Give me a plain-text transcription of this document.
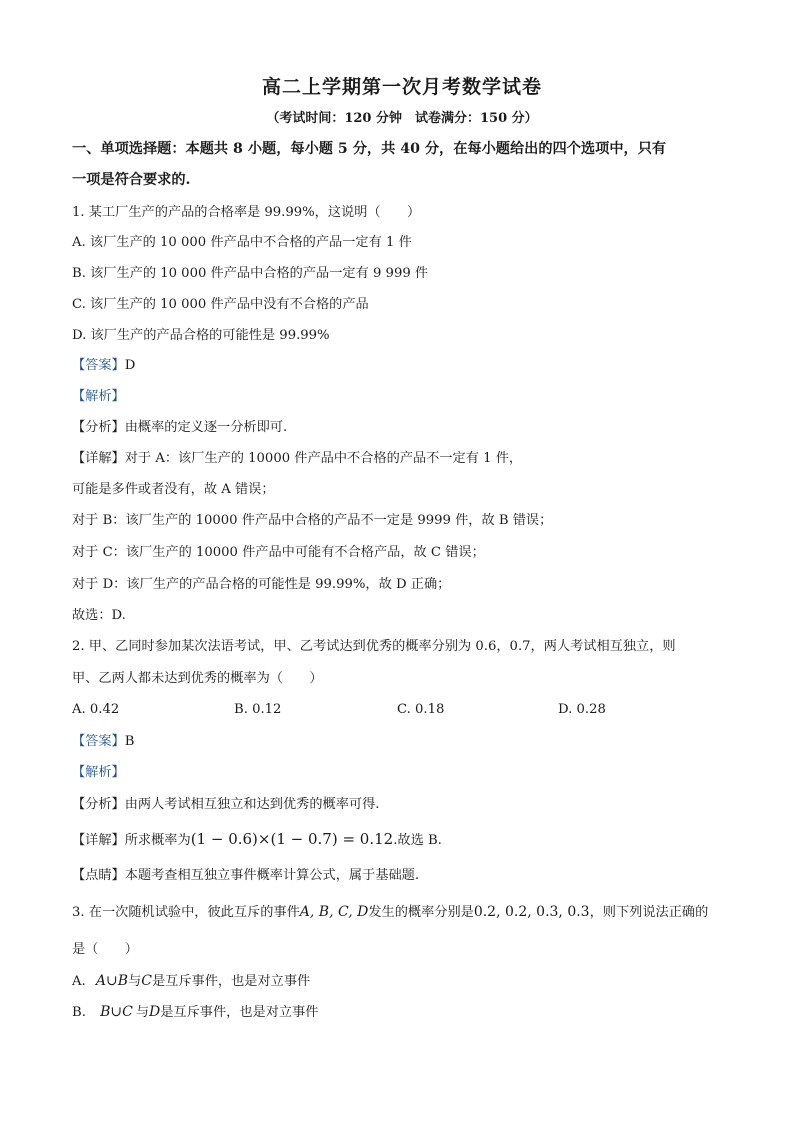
高二上学期第一次月考数学试卷
（考试时间：120 分钟　试卷满分：150 分）
一、单项选择题：本题共 8 小题，每小题 5 分，共 40 分，在每小题给出的四个选项中，只有
一项是符合要求的.
1. 某工厂生产的产品的合格率是 99.99%，这说明（　　）
A. 该厂生产的 10 000 件产品中不合格的产品一定有 1 件
B. 该厂生产的 10 000 件产品中合格的产品一定有 9 999 件
C. 该厂生产的 10 000 件产品中没有不合格的产品
D. 该厂生产的产品合格的可能性是 99.99%
【答案】D
【解析】
【分析】由概率的定义逐一分析即可.
【详解】对于 A：该厂生产的 10000 件产品中不合格的产品不一定有 1 件，
可能是多件或者没有，故 A 错误；
对于 B：该厂生产的 10000 件产品中合格的产品不一定是 9999 件，故 B 错误；
对于 C：该厂生产的 10000 件产品中可能有不合格产品，故 C 错误；
对于 D：该厂生产的产品合格的可能性是 99.99%，故 D 正确；
故选：D.
2. 甲、乙同时参加某次法语考试，甲、乙考试达到优秀的概率分别为 0.6，0.7，两人考试相互独立，则
甲、乙两人都未达到优秀的概率为（　　）
A. 0.42	B. 0.12	C. 0.18	D. 0.28
【答案】B
【解析】
【分析】由两人考试相互独立和达到优秀的概率可得.
【详解】所求概率为(1 − 0.6)×(1 − 0.7) = 0.12.故选 B.
【点睛】本题考查相互独立事件概率计算公式，属于基础题.
3. 在一次随机试验中，彼此互斥的事件A, B, C, D发生的概率分别是0.2, 0.2, 0.3, 0.3，则下列说法正确的
是（　　）
A. A∪B与C是互斥事件，也是对立事件
B. B∪C 与D是互斥事件，也是对立事件
